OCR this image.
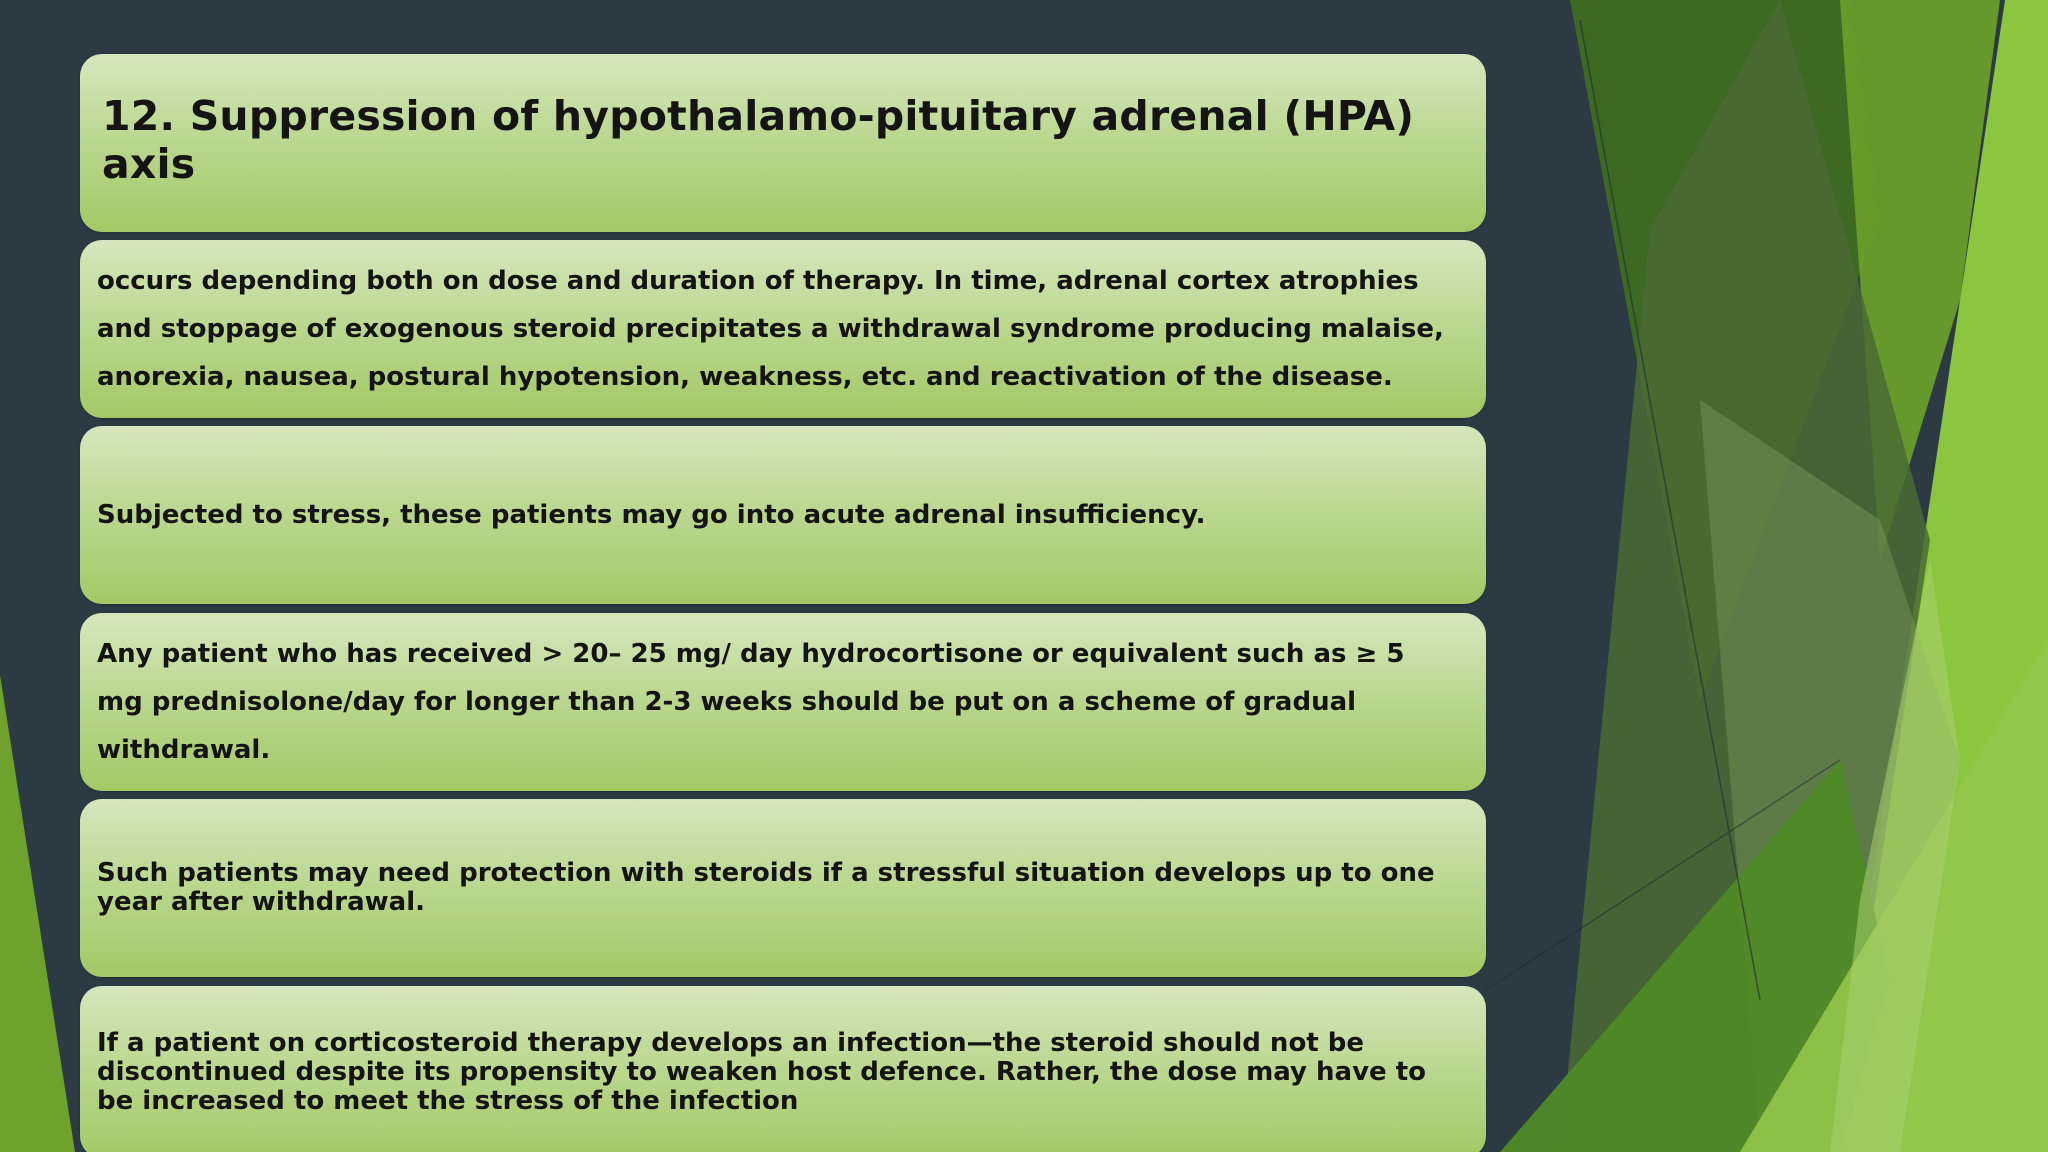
12. Suppression of hypothalamo-pituitary adrenal (HPA) axis
occurs depending both on dose and duration of therapy. In time, adrenal cortex atrophies and stoppage of exogenous steroid precipitates a withdrawal syndrome producing malaise, anorexia, nausea, postural hypotension, weakness, etc. and reactivation of the disease.
Subjected to stress, these patients may go into acute adrenal insufficiency.
Any patient who has received > 20– 25 mg/ day hydrocortisone or equivalent such as ≥ 5 mg prednisolone/day for longer than 2-3 weeks should be put on a scheme of gradual withdrawal.
Such patients may need protection with steroids if a stressful situation develops up to one year after withdrawal.
If a patient on corticosteroid therapy develops an infection—the steroid should not be discontinued despite its propensity to weaken host defence. Rather, the dose may have to be increased to meet the stress of the infection
